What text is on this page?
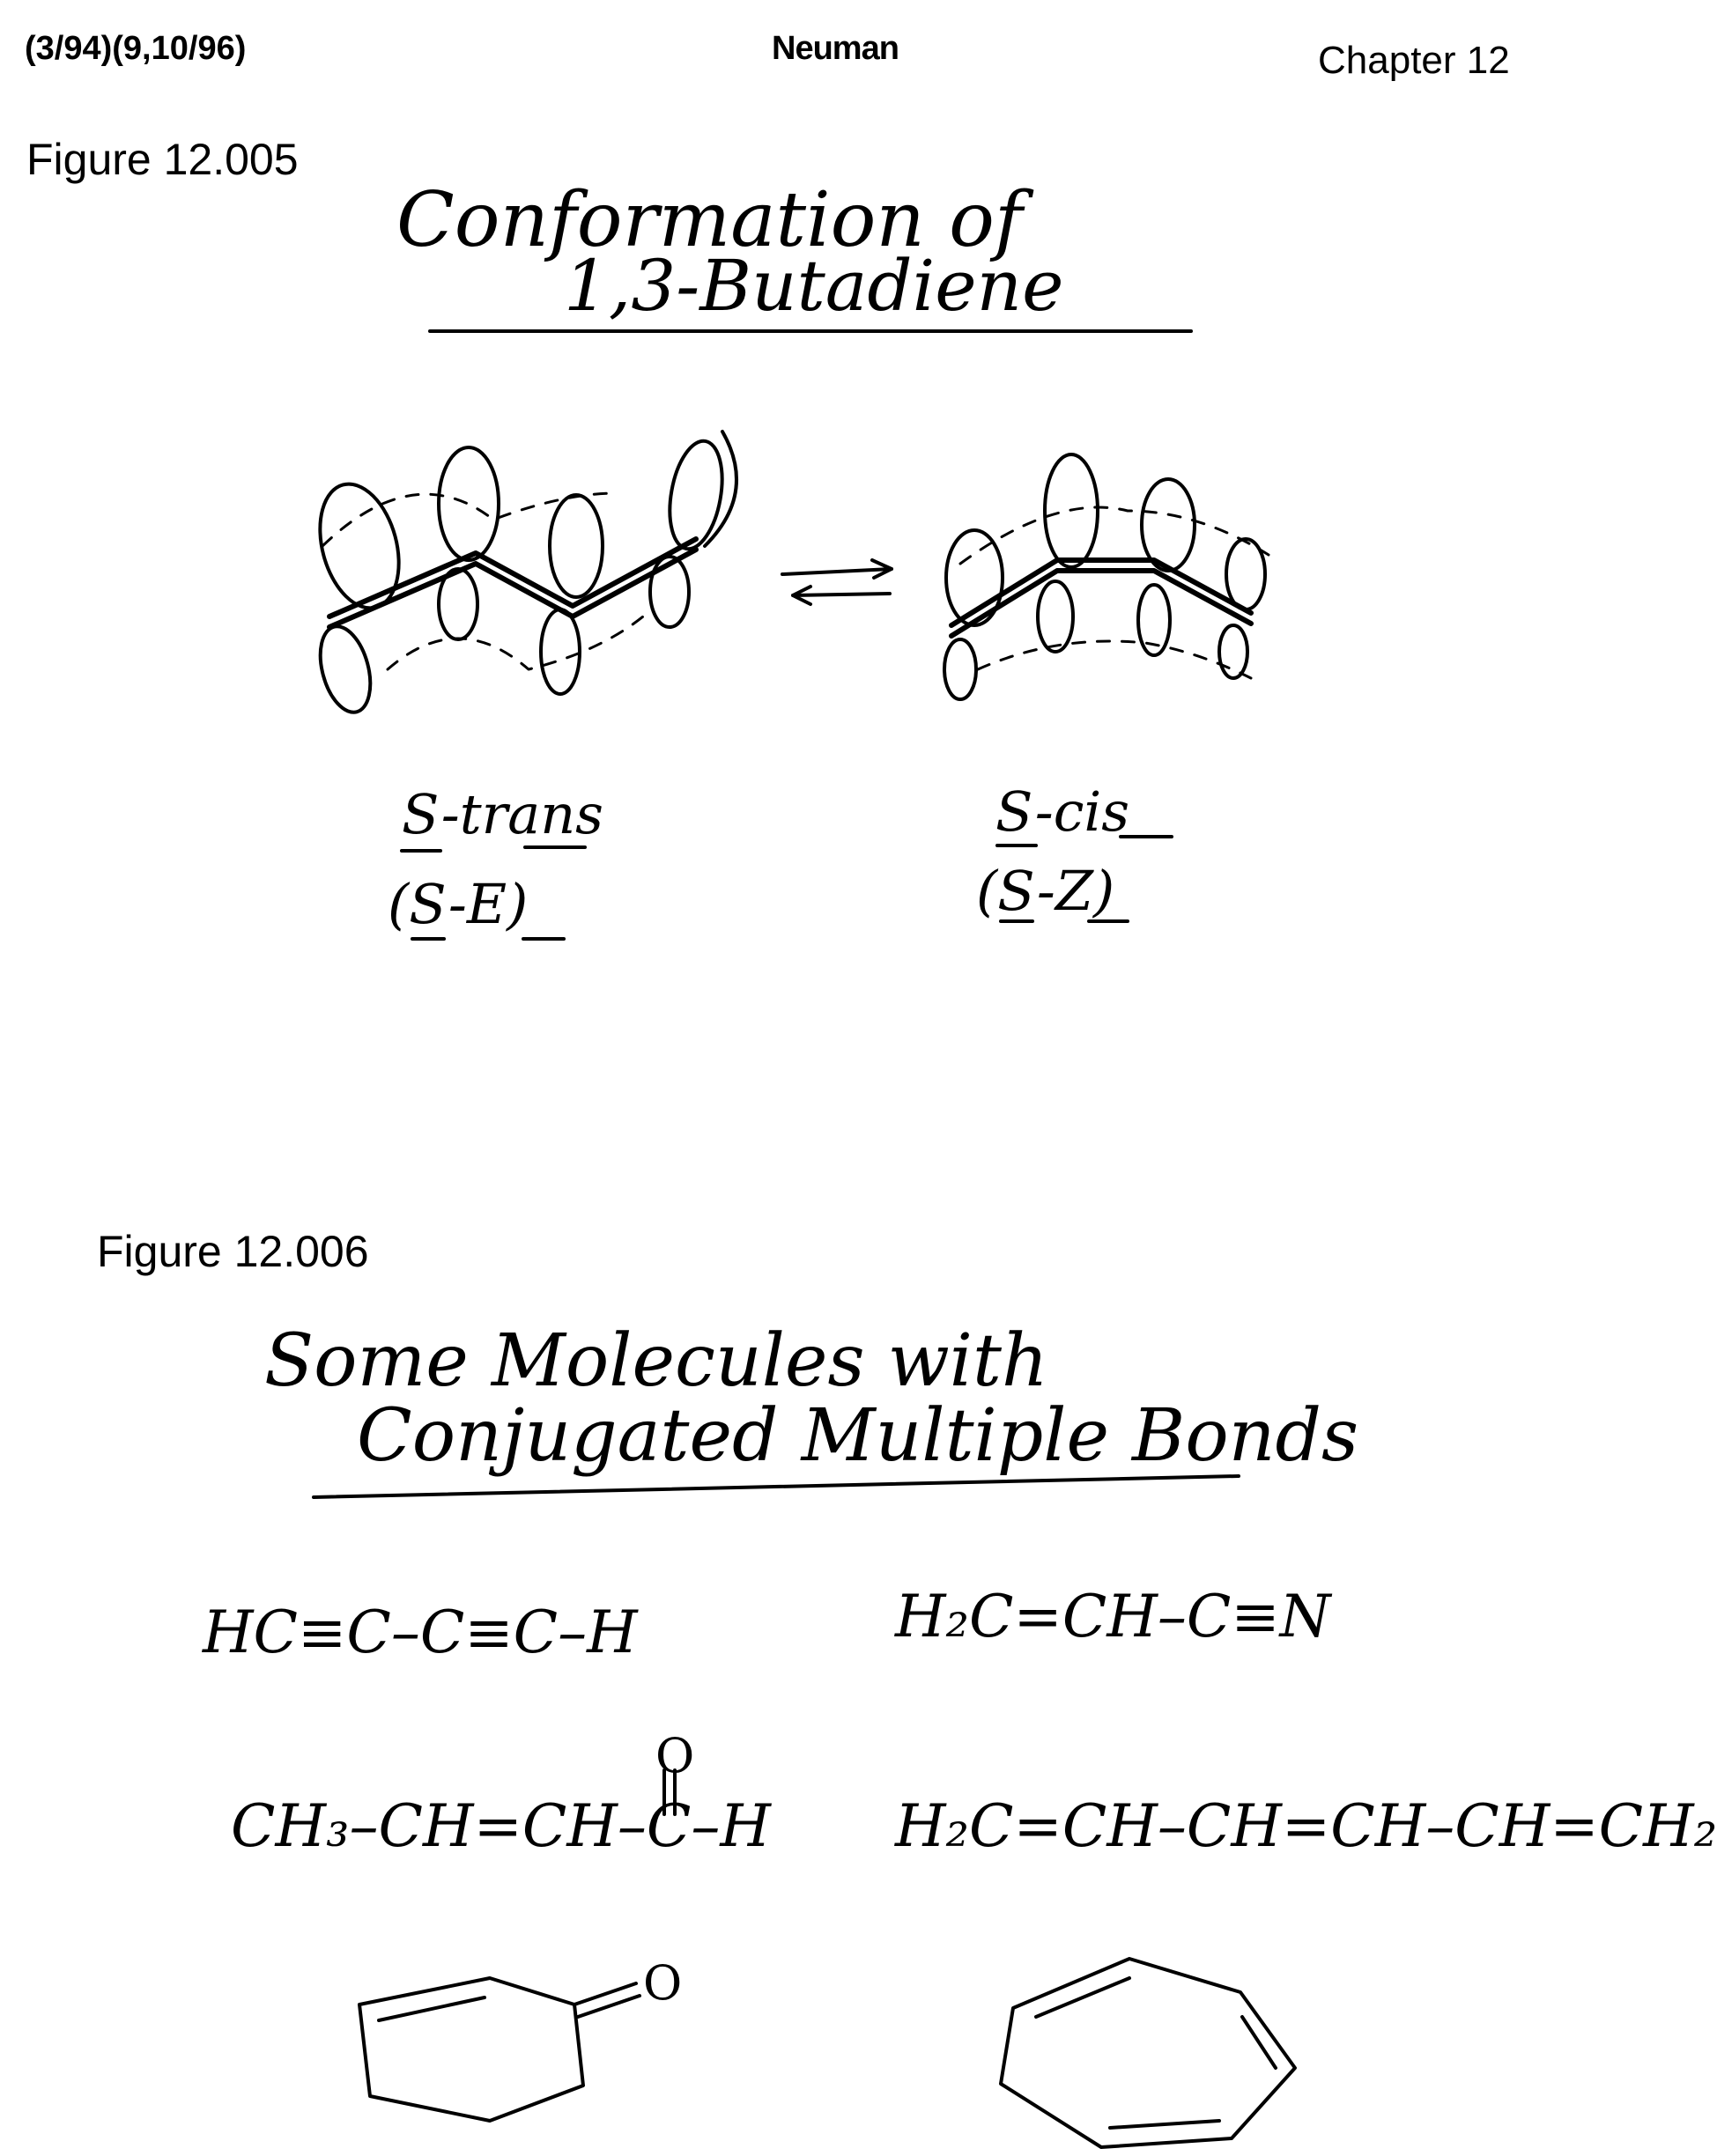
(3/94)(9,10/96)	Neuman	Chapter 12
Figure 12.005
Conformation of
1,3-Butadiene
S-trans
(S-E)
S-cis
(S-Z)
Figure 12.006
Some Molecules with
Conjugated Multiple Bonds
HC≡C–C≡C–H	H₂C=CH–C≡N
CH₃–CH=CH–C–H H₂C=CH–CH=CH–CH=CH₂
O
O
